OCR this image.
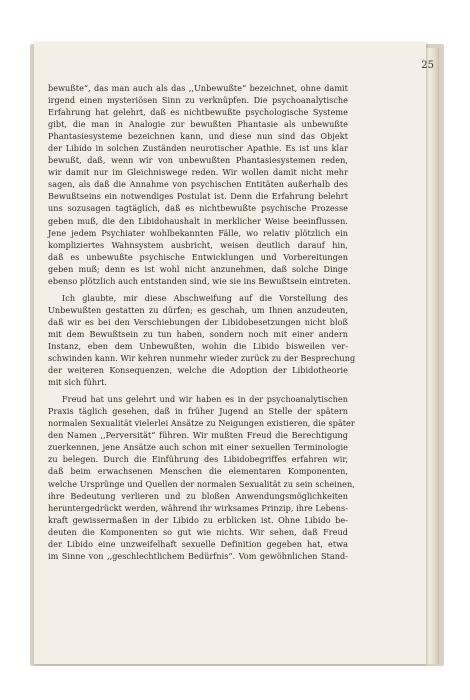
25
bewußte“, das man auch als das ‚‚Unbewußte“ bezeichnet, ohne damit
irgend einen mysteriösen Sinn zu verknüpfen. Die psychoanalytische
Erfahrung hat gelehrt, daß es nichtbewußte psychologische Systeme
gibt, die man in Analogie zur bewußten Phantasie als unbewußte
Phantasiesysteme bezeichnen kann, und diese nun sind das Objekt
der Libido in solchen Zuständen neurotischer Apathie. Es ist uns klar
bewußt, daß, wenn wir von unbewußten Phantasiesystemen reden,
wir damit nur im Gleichniswege reden. Wir wollen damit nicht mehr
sagen, als daß die Annahme von psychischen Entitäten außerhalb des
Bewußtseins ein notwendiges Postulat ist. Denn die Erfahrung belehrt
uns sozusagen tagtäglich, daß es nichtbewußte psychische Prozesse
geben muß, die den Libidohaushalt in merklicher Weise beeinflussen.
Jene jedem Psychiater wohlbekannten Fälle, wo relativ plötzlich ein
kompliziertes Wahnsystem ausbricht, weisen deutlich darauf hin,
daß es unbewußte psychische Entwicklungen und Vorbereitungen
geben muß; denn es ist wohl nicht anzunehmen, daß solche Dinge
ebenso plötzlich auch entstanden sind, wie sie ins Bewußtsein eintreten.
Ich glaubte, mir diese Abschweifung auf die Vorstellung des
Unbewußten gestatten zu dürfen; es geschah, um Ihnen anzudeuten,
daß wir es bei den Verschiebungen der Libidobesetzungen nicht bloß
mit dem Bewußtsein zu tun haben, sondern noch mit einer andern
Instanz, eben dem Unbewußten, wohin die Libido bisweilen ver-
schwinden kann. Wir kehren nunmehr wieder zurück zu der Besprechung
der weiteren Konsequenzen, welche die Adoption der Libidotheorie
mit sich führt.
Freud hat uns gelehrt und wir haben es in der psychoanalytischen
Praxis täglich gesehen, daß in früher Jugend an Stelle der spätern
normalen Sexualität vielerlei Ansätze zu Neigungen existieren, die später
den Namen ‚‚Perversität“ führen. Wir mußten Freud die Berechtigung
zuerkennen, jene Ansätze auch schon mit einer sexuellen Terminologie
zu belegen. Durch die Einführung des Libidobegriffes erfahren wir,
daß beim erwachsenen Menschen die elementaren Komponenten,
welche Ursprünge und Quellen der normalen Sexualität zu sein scheinen,
ihre Bedeutung verlieren und zu bloßen Anwendungsmöglichkeiten
heruntergedrückt werden, während ihr wirksames Prinzip, ihre Lebens-
kraft gewissermaßen in der Libido zu erblicken ist. Ohne Libido be-
deuten die Komponenten so gut wie nichts. Wir sehen, daß Freud
der Libido eine unzweifelhaft sexuelle Definition gegeben hat, etwa
im Sinne von ‚‚geschlechtlichem Bedürfnis“. Vom gewöhnlichen Stand-
